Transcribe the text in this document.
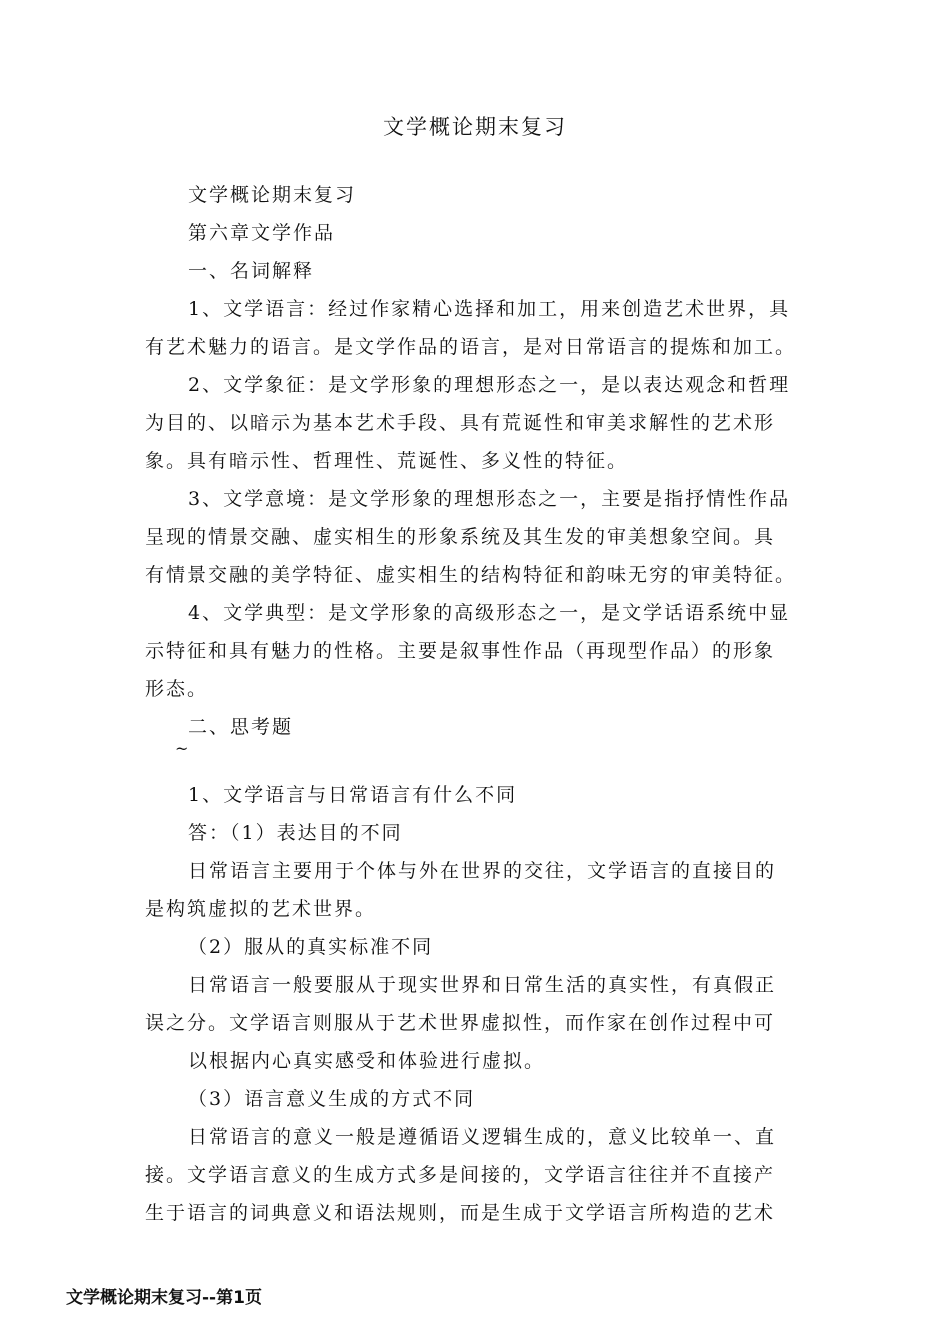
文学概论期末复习

文学概论期末复习

第六章文学作品

一、名词解释

1、文学语言：经过作家精心选择和加工，用来创造艺术世界，具

有艺术魅力的语言。是文学作品的语言，是对日常语言的提炼和加工。

2、文学象征：是文学形象的理想形态之一，是以表达观念和哲理

为目的、以暗示为基本艺术手段、具有荒诞性和审美求解性的艺术形

象。具有暗示性、哲理性、荒诞性、多义性的特征。

3、文学意境：是文学形象的理想形态之一，主要是指抒情性作品

呈现的情景交融、虚实相生的形象系统及其生发的审美想象空间。具

有情景交融的美学特征、虚实相生的结构特征和韵味无穷的审美特征。

4、文学典型：是文学形象的高级形态之一，是文学话语系统中显

示特征和具有魅力的性格。主要是叙事性作品（再现型作品）的形象

形态。

二、思考题

~

1、文学语言与日常语言有什么不同

答：（1）表达目的不同

日常语言主要用于个体与外在世界的交往，文学语言的直接目的

是构筑虚拟的艺术世界。

（2）服从的真实标准不同

日常语言一般要服从于现实世界和日常生活的真实性，有真假正

误之分。文学语言则服从于艺术世界虚拟性，而作家在创作过程中可

以根据内心真实感受和体验进行虚拟。

（3）语言意义生成的方式不同

日常语言的意义一般是遵循语义逻辑生成的，意义比较单一、直

接。文学语言意义的生成方式多是间接的，文学语言往往并不直接产

生于语言的词典意义和语法规则，而是生成于文学语言所构造的艺术

文学概论期末复习--第1页
